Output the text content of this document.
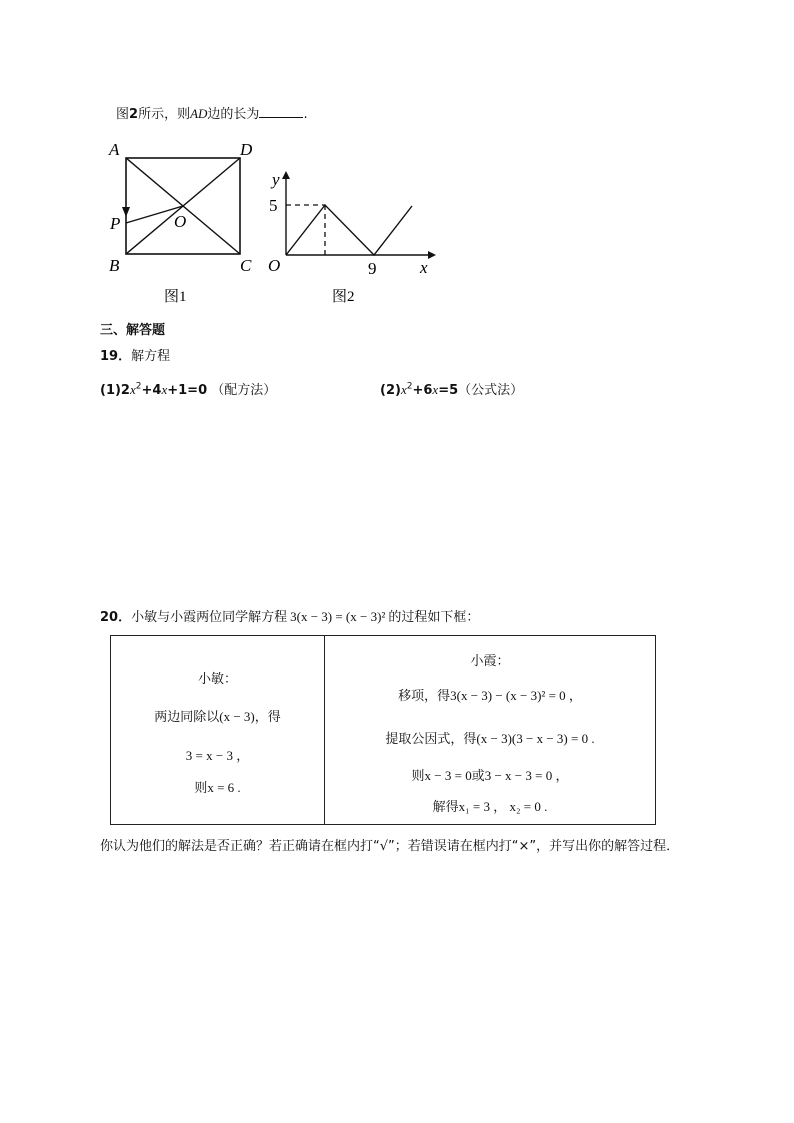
图2所示，则AD边的长为	.
A	D
B	C
P	O
图1
y
x
O
5
9
图2
三、解答题
19．解方程
$(1)2x^2+4x+1=0$ （配方法）	$(2)x^2+6x=5$（公式法）
20．小敏与小霞两位同学解方程 3(x − 3) = (x − 3)² 的过程如下框：
小敏：
两边同除以(x − 3)，得
3 = x − 3 ，
则x = 6 .
小霞：
移项，得3(x − 3) − (x − 3)² = 0 ，
提取公因式，得(x − 3)(3 − x − 3) = 0 .
则x − 3 = 0或3 − x − 3 = 0 ，
解得x₁ = 3 ， x₂ = 0 .
你认为他们的解法是否正确？若正确请在框内打“√”；若错误请在框内打“×”，并写出你的解答过程．
